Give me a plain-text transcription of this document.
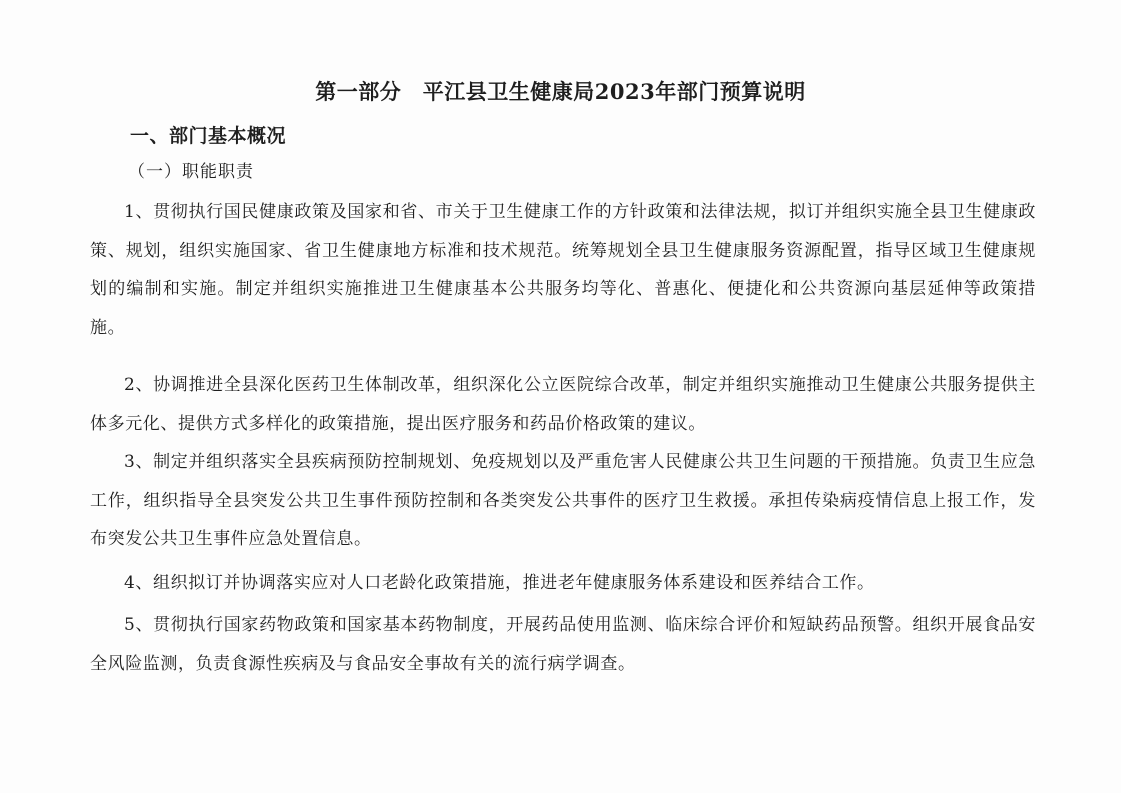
第一部分　平江县卫生健康局2023年部门预算说明
一、部门基本概况
（一）职能职责

1、贯彻执行国民健康政策及国家和省、市关于卫生健康工作的方针政策和法律法规，拟订并组织实施全县卫生健康政策、规划，组织实施国家、省卫生健康地方标准和技术规范。统筹规划全县卫生健康服务资源配置，指导区域卫生健康规划的编制和实施。制定并组织实施推进卫生健康基本公共服务均等化、普惠化、便捷化和公共资源向基层延伸等政策措施。

2、协调推进全县深化医药卫生体制改革，组织深化公立医院综合改革，制定并组织实施推动卫生健康公共服务提供主体多元化、提供方式多样化的政策措施，提出医疗服务和药品价格政策的建议。

3、制定并组织落实全县疾病预防控制规划、免疫规划以及严重危害人民健康公共卫生问题的干预措施。负责卫生应急工作，组织指导全县突发公共卫生事件预防控制和各类突发公共事件的医疗卫生救援。承担传染病疫情信息上报工作，发布突发公共卫生事件应急处置信息。

4、组织拟订并协调落实应对人口老龄化政策措施，推进老年健康服务体系建设和医养结合工作。

5、贯彻执行国家药物政策和国家基本药物制度，开展药品使用监测、临床综合评价和短缺药品预警。组织开展食品安全风险监测，负责食源性疾病及与食品安全事故有关的流行病学调查。
